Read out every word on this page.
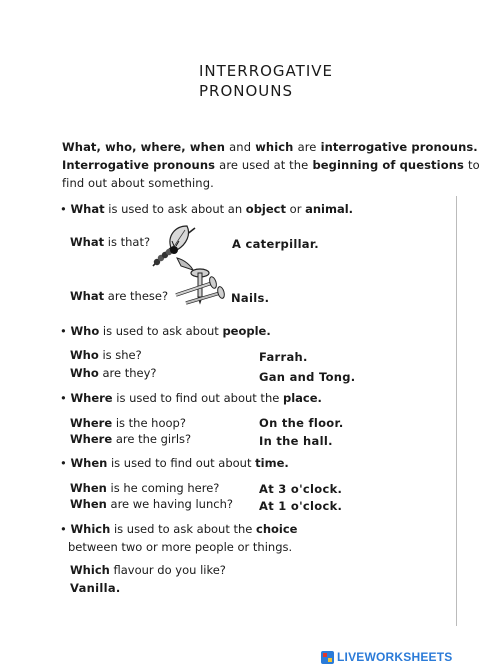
INTERROGATIVE
PRONOUNS
What, who, where, when and which are interrogative pronouns.
Interrogative pronouns are used at the beginning of questions to
find out about something.
• What is used to ask about an object or animal.
What is that?	A caterpillar.
What are these?	Nails.
• Who is used to ask about people.
Who is she?	Farrah.
Who are they?	Gan and Tong.
• Where is used to find out about the place.
Where is the hoop?	On the floor.
Where are the girls?	In the hall.
• When is used to find out about time.
When is he coming here?	At 3 o'clock.
When are we having lunch? At 1 o'clock.
• Which is used to ask about the choice
between two or more people or things.
Which flavour do you like?
Vanilla.
LIVEWORKSHEETS
